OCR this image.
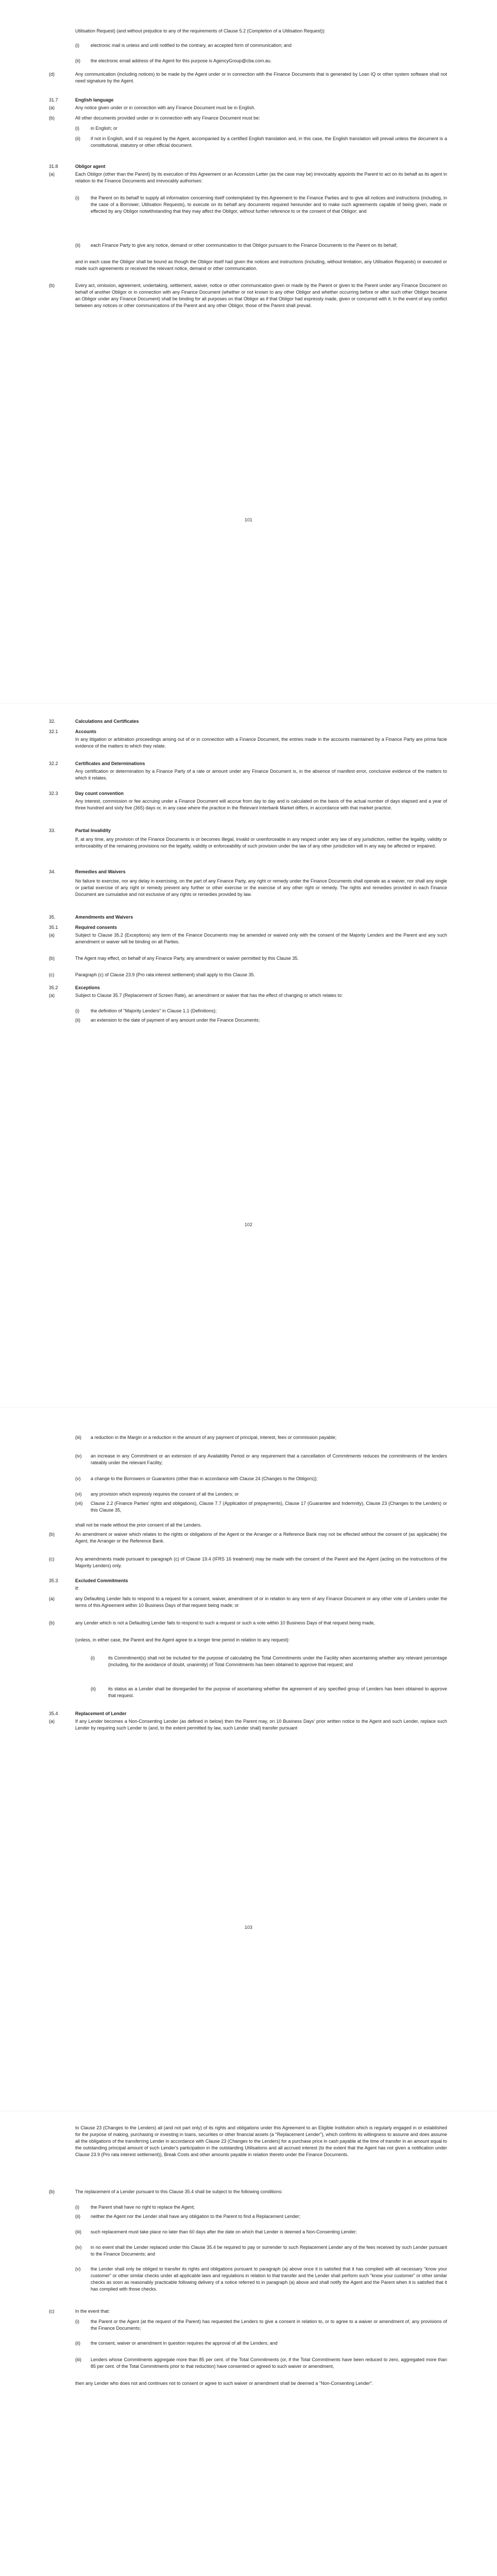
Utilisation Request) (and without prejudice to any of the requirements of Clause 5.2 (Completion of a Utilisation Request)):
(i)	electronic mail is unless and until notified to the contrary, an accepted form of communication; and
(ii)	the electronic email address of the Agent for this purpose is AgencyGroup@cba.com.au.
(d)	Any communication (including notices) to be made by the Agent under or in connection with the Finance Documents that is generated by Loan IQ or other system software shall not need signature by the Agent.
31.7	English language
(a)	Any notice given under or in connection with any Finance Document must be in English.
(b)	All other documents provided under or in connection with any Finance Document must be:
(i)	in English; or
(ii)	if not in English, and if so required by the Agent, accompanied by a certified English translation and, in this case, the English translation will prevail unless the document is a constitutional, statutory or other official document.
31.8	Obligor agent
(a)	Each Obligor (other than the Parent) by its execution of this Agreement or an Accession Letter (as the case may be) irrevocably appoints the Parent to act on its behalf as its agent in relation to the Finance Documents and irrevocably authorises:
(i)	the Parent on its behalf to supply all information concerning itself contemplated by this Agreement to the Finance Parties and to give all notices and instructions (including, in the case of a Borrower, Utilisation Requests), to execute on its behalf any documents required hereunder and to make such agreements capable of being given, made or effected by any Obligor notwithstanding that they may affect the Obligor, without further reference to or the consent of that Obligor; and
(ii)	each Finance Party to give any notice, demand or other communication to that Obligor pursuant to the Finance Documents to the Parent on its behalf,
and in each case the Obligor shall be bound as though the Obligor itself had given the notices and instructions (including, without limitation, any Utilisation Requests) or executed or made such agreements or received the relevant notice, demand or other communication.
(b)	Every act, omission, agreement, undertaking, settlement, waiver, notice or other communication given or made by the Parent or given to the Parent under any Finance Document on behalf of another Obligor or in connection with any Finance Document (whether or not known to any other Obligor and whether occurring before or after such other Obligor became an Obligor under any Finance Document) shall be binding for all purposes on that Obligor as if that Obligor had expressly made, given or concurred with it. In the event of any conflict between any notices or other communications of the Parent and any other Obligor, those of the Parent shall prevail.
101
32.	Calculations and Certificates
32.1	Accounts
In any litigation or arbitration proceedings arising out of or in connection with a Finance Document, the entries made in the accounts maintained by a Finance Party are prima facie evidence of the matters to which they relate.
32.2	Certificates and Determinations
Any certification or determination by a Finance Party of a rate or amount under any Finance Document is, in the absence of manifest error, conclusive evidence of the matters to which it relates.
32.3	Day count convention
Any interest, commission or fee accruing under a Finance Document will accrue from day to day and is calculated on the basis of the actual number of days elapsed and a year of three hundred and sixty five (365) days or, in any case where the practice in the Relevant Interbank Market differs, in accordance with that market practice.
33.	Partial Invalidity
If, at any time, any provision of the Finance Documents is or becomes illegal, invalid or unenforceable in any respect under any law of any jurisdiction, neither the legality, validity or enforceability of the remaining provisions nor the legality, validity or enforceability of such provision under the law of any other jurisdiction will in any way be affected or impaired.
34.	Remedies and Waivers
No failure to exercise, nor any delay in exercising, on the part of any Finance Party, any right or remedy under the Finance Documents shall operate as a waiver, nor shall any single or partial exercise of any right or remedy prevent any further or other exercise or the exercise of any other right or remedy. The rights and remedies provided in each Finance Document are cumulative and not exclusive of any rights or remedies provided by law.
35.	Amendments and Waivers
35.1	Required consents
(a)	Subject to Clause 35.2 (Exceptions) any term of the Finance Documents may be amended or waived only with the consent of the Majority Lenders and the Parent and any such amendment or waiver will be binding on all Parties.
(b)	The Agent may effect, on behalf of any Finance Party, any amendment or waiver permitted by this Clause 35.
(c)	Paragraph (c) of Clause 23.9 (Pro rata interest settlement) shall apply to this Clause 35.
35.2	Exceptions
(a)	Subject to Clause 35.7 (Replacement of Screen Rate), an amendment or waiver that has the effect of changing or which relates to:
(i)	the definition of "Majority Lenders" in Clause 1.1 (Definitions);
(ii)	an extension to the date of payment of any amount under the Finance Documents;
102
(iii)	a reduction in the Margin or a reduction in the amount of any payment of principal, interest, fees or commission payable;
(iv)	an increase in any Commitment or an extension of any Availability Period or any requirement that a cancellation of Commitments reduces the commitments of the lenders rateably under the relevant Facility;
(v)	a change to the Borrowers or Guarantors (other than in accordance with Clause 24 (Changes to the Obligors));
(vi)	any provision which expressly requires the consent of all the Lenders; or
(vii)	Clause 2.2 (Finance Parties' rights and obligations), Clause 7.7 (Application of prepayments), Clause 17 (Guarantee and Indemnity), Clause 23 (Changes to the Lenders) or this Clause 35,
shall not be made without the prior consent of all the Lenders.
(b)	An amendment or waiver which relates to the rights or obligations of the Agent or the Arranger or a Reference Bank may not be effected without the consent of (as applicable) the Agent, the Arranger or the Reference Bank.
(c)	Any amendments made pursuant to paragraph (c) of Clause 19.4 (IFRS 16 treatment) may be made with the consent of the Parent and the Agent (acting on the instructions of the Majority Lenders) only.
35.3	Excluded Commitments
If:
(a)	any Defaulting Lender fails to respond to a request for a consent, waiver, amendment of or in relation to any term of any Finance Document or any other vote of Lenders under the terms of this Agreement within 10 Business Days of that request being made; or
(b)	any Lender which is not a Defaulting Lender fails to respond to such a request or such a vote within 10 Business Days of that request being made,
(unless, in either case, the Parent and the Agent agree to a longer time period in relation to any request):
(i)	its Commitment(s) shall not be included for the purpose of calculating the Total Commitments under the Facility when ascertaining whether any relevant percentage (including, for the avoidance of doubt, unanimity) of Total Commitments has been obtained to approve that request; and
(ii)	its status as a Lender shall be disregarded for the purpose of ascertaining whether the agreement of any specified group of Lenders has been obtained to approve that request.
35.4	Replacement of Lender
(a)	If any Lender becomes a Non-Consenting Lender (as defined in below) then the Parent may, on 10 Business Days' prior written notice to the Agent and such Lender, replace such Lender by requiring such Lender to (and, to the extent permitted by law, such Lender shall) transfer pursuant
103
to Clause 23 (Changes to the Lenders) all (and not part only) of its rights and obligations under this Agreement to an Eligible Institution which is regularly engaged in or established for the purpose of making, purchasing or investing in loans, securities or other financial assets (a "Replacement Lender"), which confirms its willingness to assume and does assume all the obligations of the transferring Lender in accordance with Clause 23 (Changes to the Lenders) for a purchase price in cash payable at the time of transfer in an amount equal to the outstanding principal amount of such Lender's participation in the outstanding Utilisations and all accrued interest (to the extent that the Agent has not given a notification under Clause 23.9 (Pro rata interest settlement)), Break Costs and other amounts payable in relation thereto under the Finance Documents.
(b)	The replacement of a Lender pursuant to this Clause 35.4 shall be subject to the following conditions:
(i)	the Parent shall have no right to replace the Agent;
(ii)	neither the Agent nor the Lender shall have any obligation to the Parent to find a Replacement Lender;
(iii)	such replacement must take place no later than 60 days after the date on which that Lender is deemed a Non-Consenting Lender;
(iv)	in no event shall the Lender replaced under this Clause 35.4 be required to pay or surrender to such Replacement Lender any of the fees received by such Lender pursuant to the Finance Documents; and
(v)	the Lender shall only be obliged to transfer its rights and obligations pursuant to paragraph (a) above once it is satisfied that it has complied with all necessary "know your customer" or other similar checks under all applicable laws and regulations in relation to that transfer and the Lender shall perform such "know your customer" or other similar checks as soon as reasonably practicable following delivery of a notice referred to in paragraph (a) above and shall notify the Agent and the Parent when it is satisfied that it has complied with those checks.
(c)	In the event that:
(i)	the Parent or the Agent (at the request of the Parent) has requested the Lenders to give a consent in relation to, or to agree to a waiver or amendment of, any provisions of the Finance Documents;
(ii)	the consent, waiver or amendment in question requires the approval of all the Lenders; and
(iii)	Lenders whose Commitments aggregate more than 85 per cent. of the Total Commitments (or, if the Total Commitments have been reduced to zero, aggregated more than 85 per cent. of the Total Commitments prior to that reduction) have consented or agreed to such waiver or amendment,
then any Lender who does not and continues not to consent or agree to such waiver or amendment shall be deemed a "Non-Consenting Lender".
